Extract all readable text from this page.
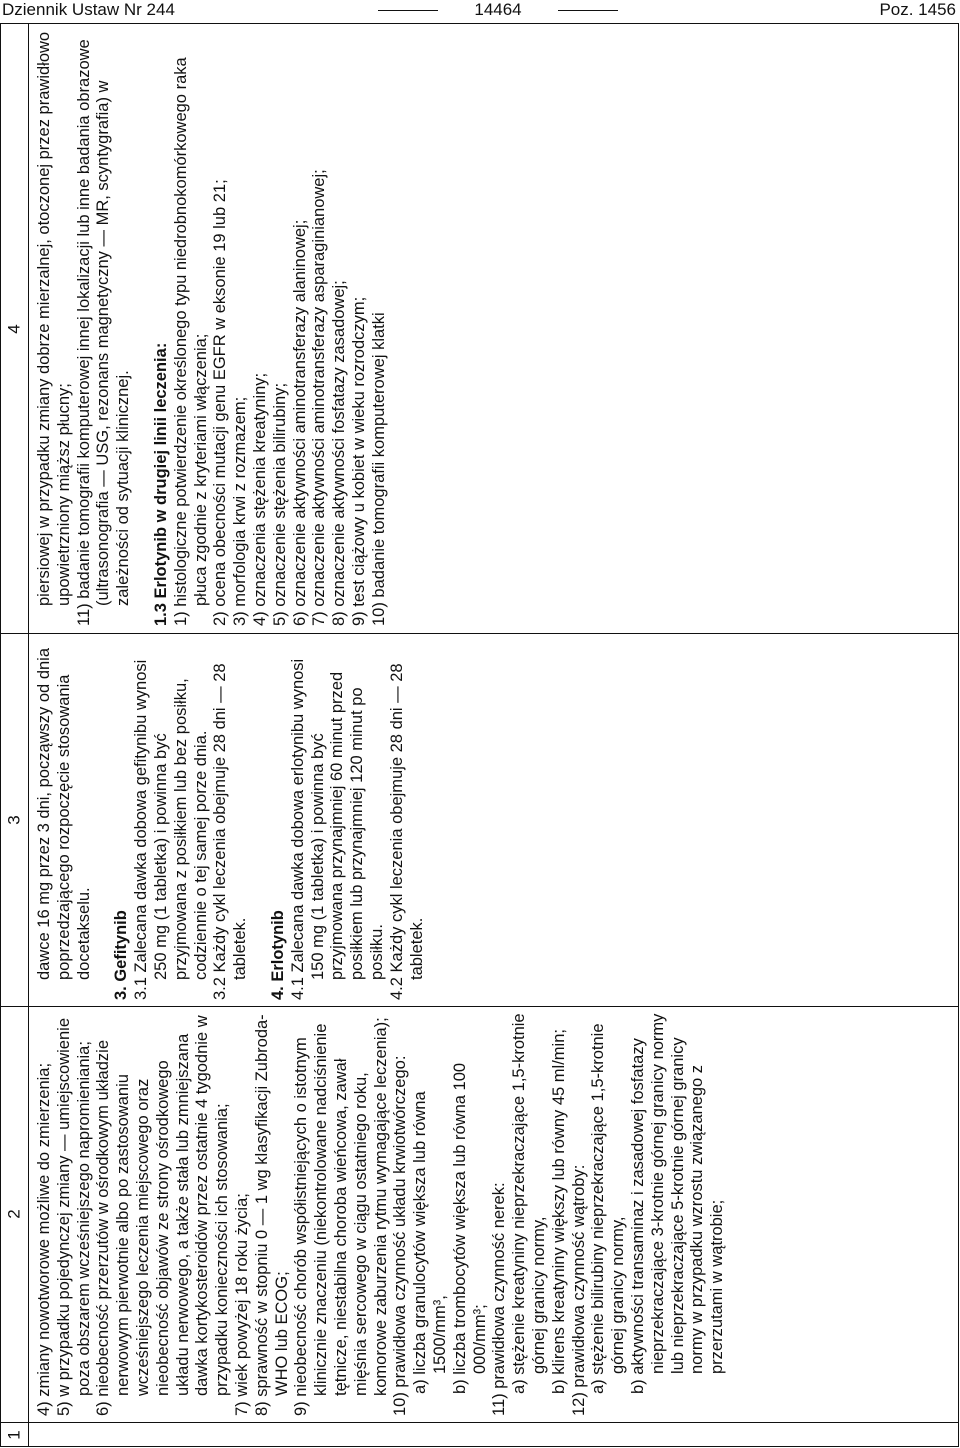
Dziennik Ustaw Nr 244	14464	Poz. 1456
1
2
3
4

4) zmiany nowotworowe możliwe do zmierzenia; 5) w przypadku pojedynczej zmiany — umiejscowienie poza obszarem wcześniejszego napromieniania; 6) nieobecność przerzutów w ośrodkowym układzie nerwowym pierwotnie albo po zastosowaniu wcześniejszego leczenia miejscowego oraz nieobecność objawów ze strony ośrodkowego układu nerwowego, a także stała lub zmniejszana dawka kortykosteroidów przez ostatnie 4 tygodnie w przypadku konieczności ich stosowania; 7) wiek powyżej 18 roku życia; 8) sprawność w stopniu 0 — 1 wg klasyfikacji Zubroda-WHO lub ECOG; 9) nieobecność chorób współistniejących o istotnym klinicznie znaczeniu (niekontrolowane nadciśnienie tętnicze, niestabilna choroba wieńcowa, zawał mięśnia sercowego w ciągu ostatniego roku, komorowe zaburzenia rytmu wymagające leczenia); 10) prawidłowa czynność układu krwiotwórczego: a) liczba granulocytów większa lub równa 1500/mm³, b) liczba trombocytów większa lub równa 100 000/mm³; 11) prawidłowa czynność nerek: a) stężenie kreatyniny nieprzekraczające 1,5-krotnie górnej granicy normy, b) klirens kreatyniny większy lub równy 45 ml/min; 12) prawidłowa czynność wątroby: a) stężenie bilirubiny nieprzekraczające 1,5-krotnie górnej granicy normy, b) aktywności transaminaz i zasadowej fosfatazy nieprzekraczające 3-krotnie górnej granicy normy lub nieprzekraczające 5-krotnie górnej granicy normy w przypadku wzrostu związanego z przerzutami w wątrobie;

dawce 16 mg przez 3 dni, począwszy od dnia poprzedzającego rozpoczęcie stosowania docetakselu. 3. Gefitynib 3.1 Zalecana dawka dobowa gefitynibu wynosi 250 mg (1 tabletka) i powinna być przyjmowana z posiłkiem lub bez posiłku, codziennie o tej samej porze dnia. 3.2 Każdy cykl leczenia obejmuje 28 dni — 28 tabletek. 4. Erlotynib 4.1 Zalecana dawka dobowa erlotynibu wynosi 150 mg (1 tabletka) i powinna być przyjmowana przynajmniej 60 minut przed posiłkiem lub przynajmniej 120 minut po posiłku. 4.2 Każdy cykl leczenia obejmuje 28 dni — 28 tabletek.

piersiowej w przypadku zmiany dobrze mierzalnej, otoczonej przez prawidłowo upowietrzniony miąższ płucny; 11) badanie tomografii komputerowej innej lokalizacji lub inne badania obrazowe (ultrasonografia — USG, rezonans magnetyczny — MR, scyntygrafia) w zależności od sytuacji klinicznej. 1.3 Erlotynib w drugiej linii leczenia: 1) histologiczne potwierdzenie określonego typu niedrobnokomórkowego raka płuca zgodnie z kryteriami włączenia; 2) ocena obecności mutacji genu EGFR w eksonie 19 lub 21; 3) morfologia krwi z rozmazem; 4) oznaczenia stężenia kreatyniny; 5) oznaczenie stężenia bilirubiny; 6) oznaczenie aktywności aminotransferazy alaninowej; 7) oznaczenie aktywności aminotransferazy asparaginianowej; 8) oznaczenie aktywności fosfatazy zasadowej; 9) test ciążowy u kobiet w wieku rozrodczym; 10) badanie tomografii komputerowej klatki
